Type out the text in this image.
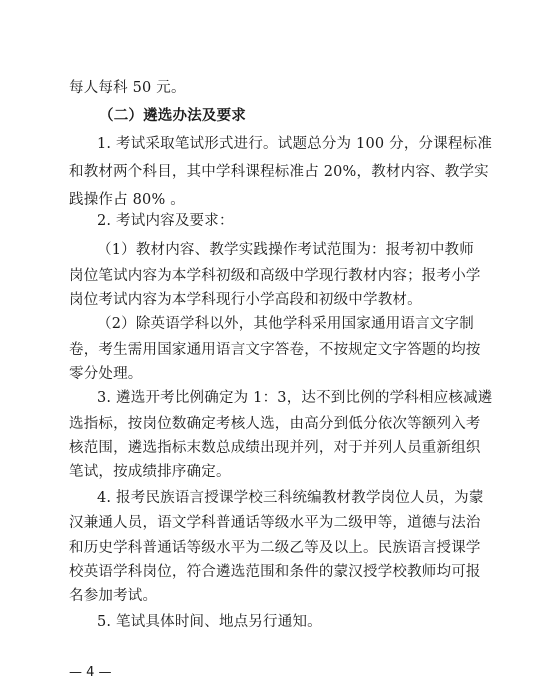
每人每科 50 元。
（二）遴选办法及要求
1. 考试采取笔试形式进行。试题总分为 100 分，分课程标准
和教材两个科目，其中学科课程标准占 20%，教材内容、教学实
践操作占 80% 。
2. 考试内容及要求：
（1）教材内容、教学实践操作考试范围为：报考初中教师
岗位笔试内容为本学科初级和高级中学现行教材内容；报考小学
岗位考试内容为本学科现行小学高段和初级中学教材。
（2）除英语学科以外，其他学科采用国家通用语言文字制
卷，考生需用国家通用语言文字答卷，不按规定文字答题的均按
零分处理。
3. 遴选开考比例确定为 1：3，达不到比例的学科相应核减遴
选指标，按岗位数确定考核人选，由高分到低分依次等额列入考
核范围，遴选指标末数总成绩出现并列，对于并列人员重新组织
笔试，按成绩排序确定。
4. 报考民族语言授课学校三科统编教材教学岗位人员，为蒙
汉兼通人员，语文学科普通话等级水平为二级甲等，道德与法治
和历史学科普通话等级水平为二级乙等及以上。民族语言授课学
校英语学科岗位，符合遴选范围和条件的蒙汉授学校教师均可报
名参加考试。
5. 笔试具体时间、地点另行通知。
— 4 —
